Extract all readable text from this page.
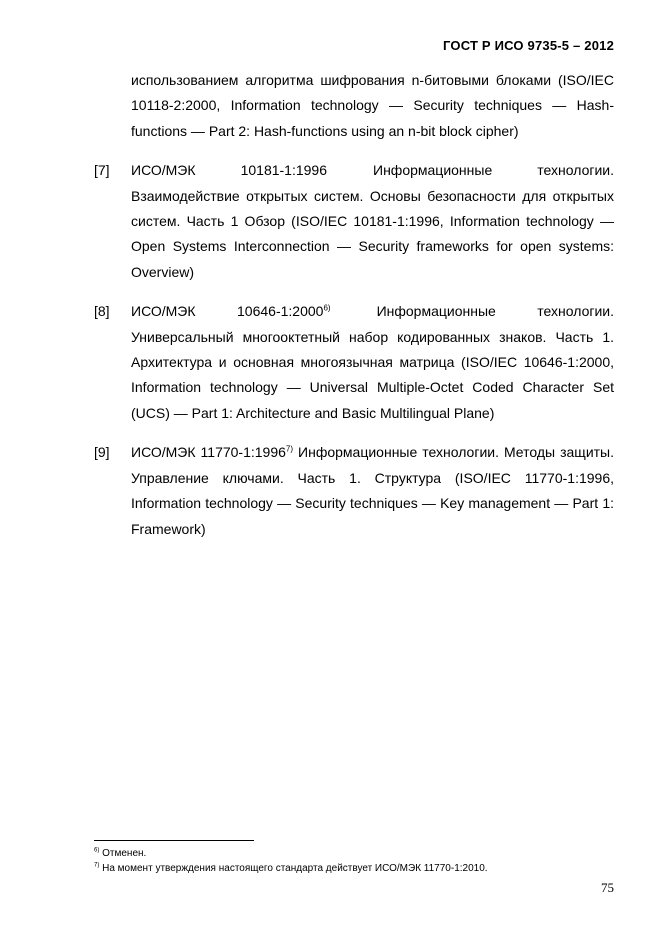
ГОСТ Р ИСО 9735-5 – 2012
использованием алгоритма шифрования n-битовыми блоками (ISO/IEC 10118-2:2000, Information technology — Security techniques — Hash-functions — Part 2: Hash-functions using an n-bit block cipher)
[7] ИСО/МЭК 10181-1:1996	Информационные технологии. Взаимодействие открытых систем. Основы безопасности для открытых систем. Часть 1 Обзор (ISO/IEC 10181-1:1996, Information technology — Open Systems Interconnection — Security frameworks for open systems: Overview)
[8] ИСО/МЭК 10646-1:2000$^{6)}$	Информационные технологии. Универсальный многооктетный набор кодированных знаков. Часть 1. Архитектура и основная многоязычная матрица (ISO/IEC 10646-1:2000, Information technology — Universal Multiple-Octet Coded Character Set (UCS) — Part 1: Architecture and Basic Multilingual Plane)
[9] ИСО/МЭК 11770-1:1996$^{7)}$ Информационные технологии. Методы защиты. Управление ключами. Часть 1. Структура (ISO/IEC 11770-1:1996, Information technology — Security techniques — Key management — Part 1: Framework)
$^{6)}$ Отменен.
$^{7)}$ На момент утверждения настоящего стандарта действует ИСО/МЭК 11770-1:2010.
75
